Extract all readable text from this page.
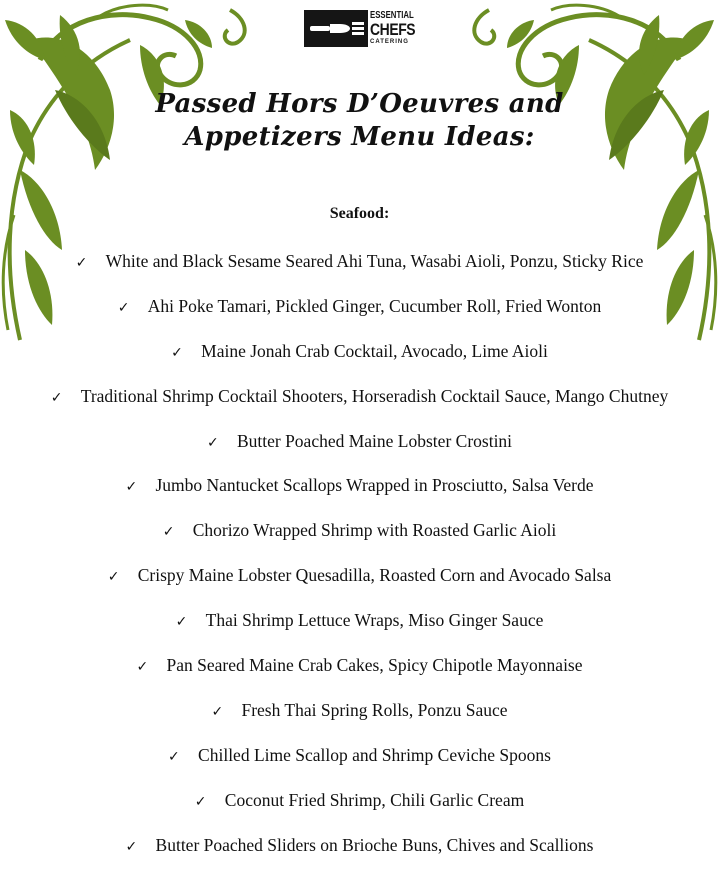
ESSENTIAL
CHEFS
CATERING
Passed Hors D’Oeuvres and
Appetizers Menu Ideas:
Seafood:
✓ White and Black Sesame Seared Ahi Tuna, Wasabi Aioli, Ponzu, Sticky Rice
✓ Ahi Poke Tamari, Pickled Ginger, Cucumber Roll, Fried Wonton
✓ Maine Jonah Crab Cocktail, Avocado, Lime Aioli
✓ Traditional Shrimp Cocktail Shooters, Horseradish Cocktail Sauce, Mango Chutney
✓ Butter Poached Maine Lobster Crostini
✓ Jumbo Nantucket Scallops Wrapped in Prosciutto, Salsa Verde
✓ Chorizo Wrapped Shrimp with Roasted Garlic Aioli
✓ Crispy Maine Lobster Quesadilla, Roasted Corn and Avocado Salsa
✓ Thai Shrimp Lettuce Wraps, Miso Ginger Sauce
✓ Pan Seared Maine Crab Cakes, Spicy Chipotle Mayonnaise
✓ Fresh Thai Spring Rolls, Ponzu Sauce
✓ Chilled Lime Scallop and Shrimp Ceviche Spoons
✓ Coconut Fried Shrimp, Chili Garlic Cream
✓ Butter Poached Sliders on Brioche Buns, Chives and Scallions
